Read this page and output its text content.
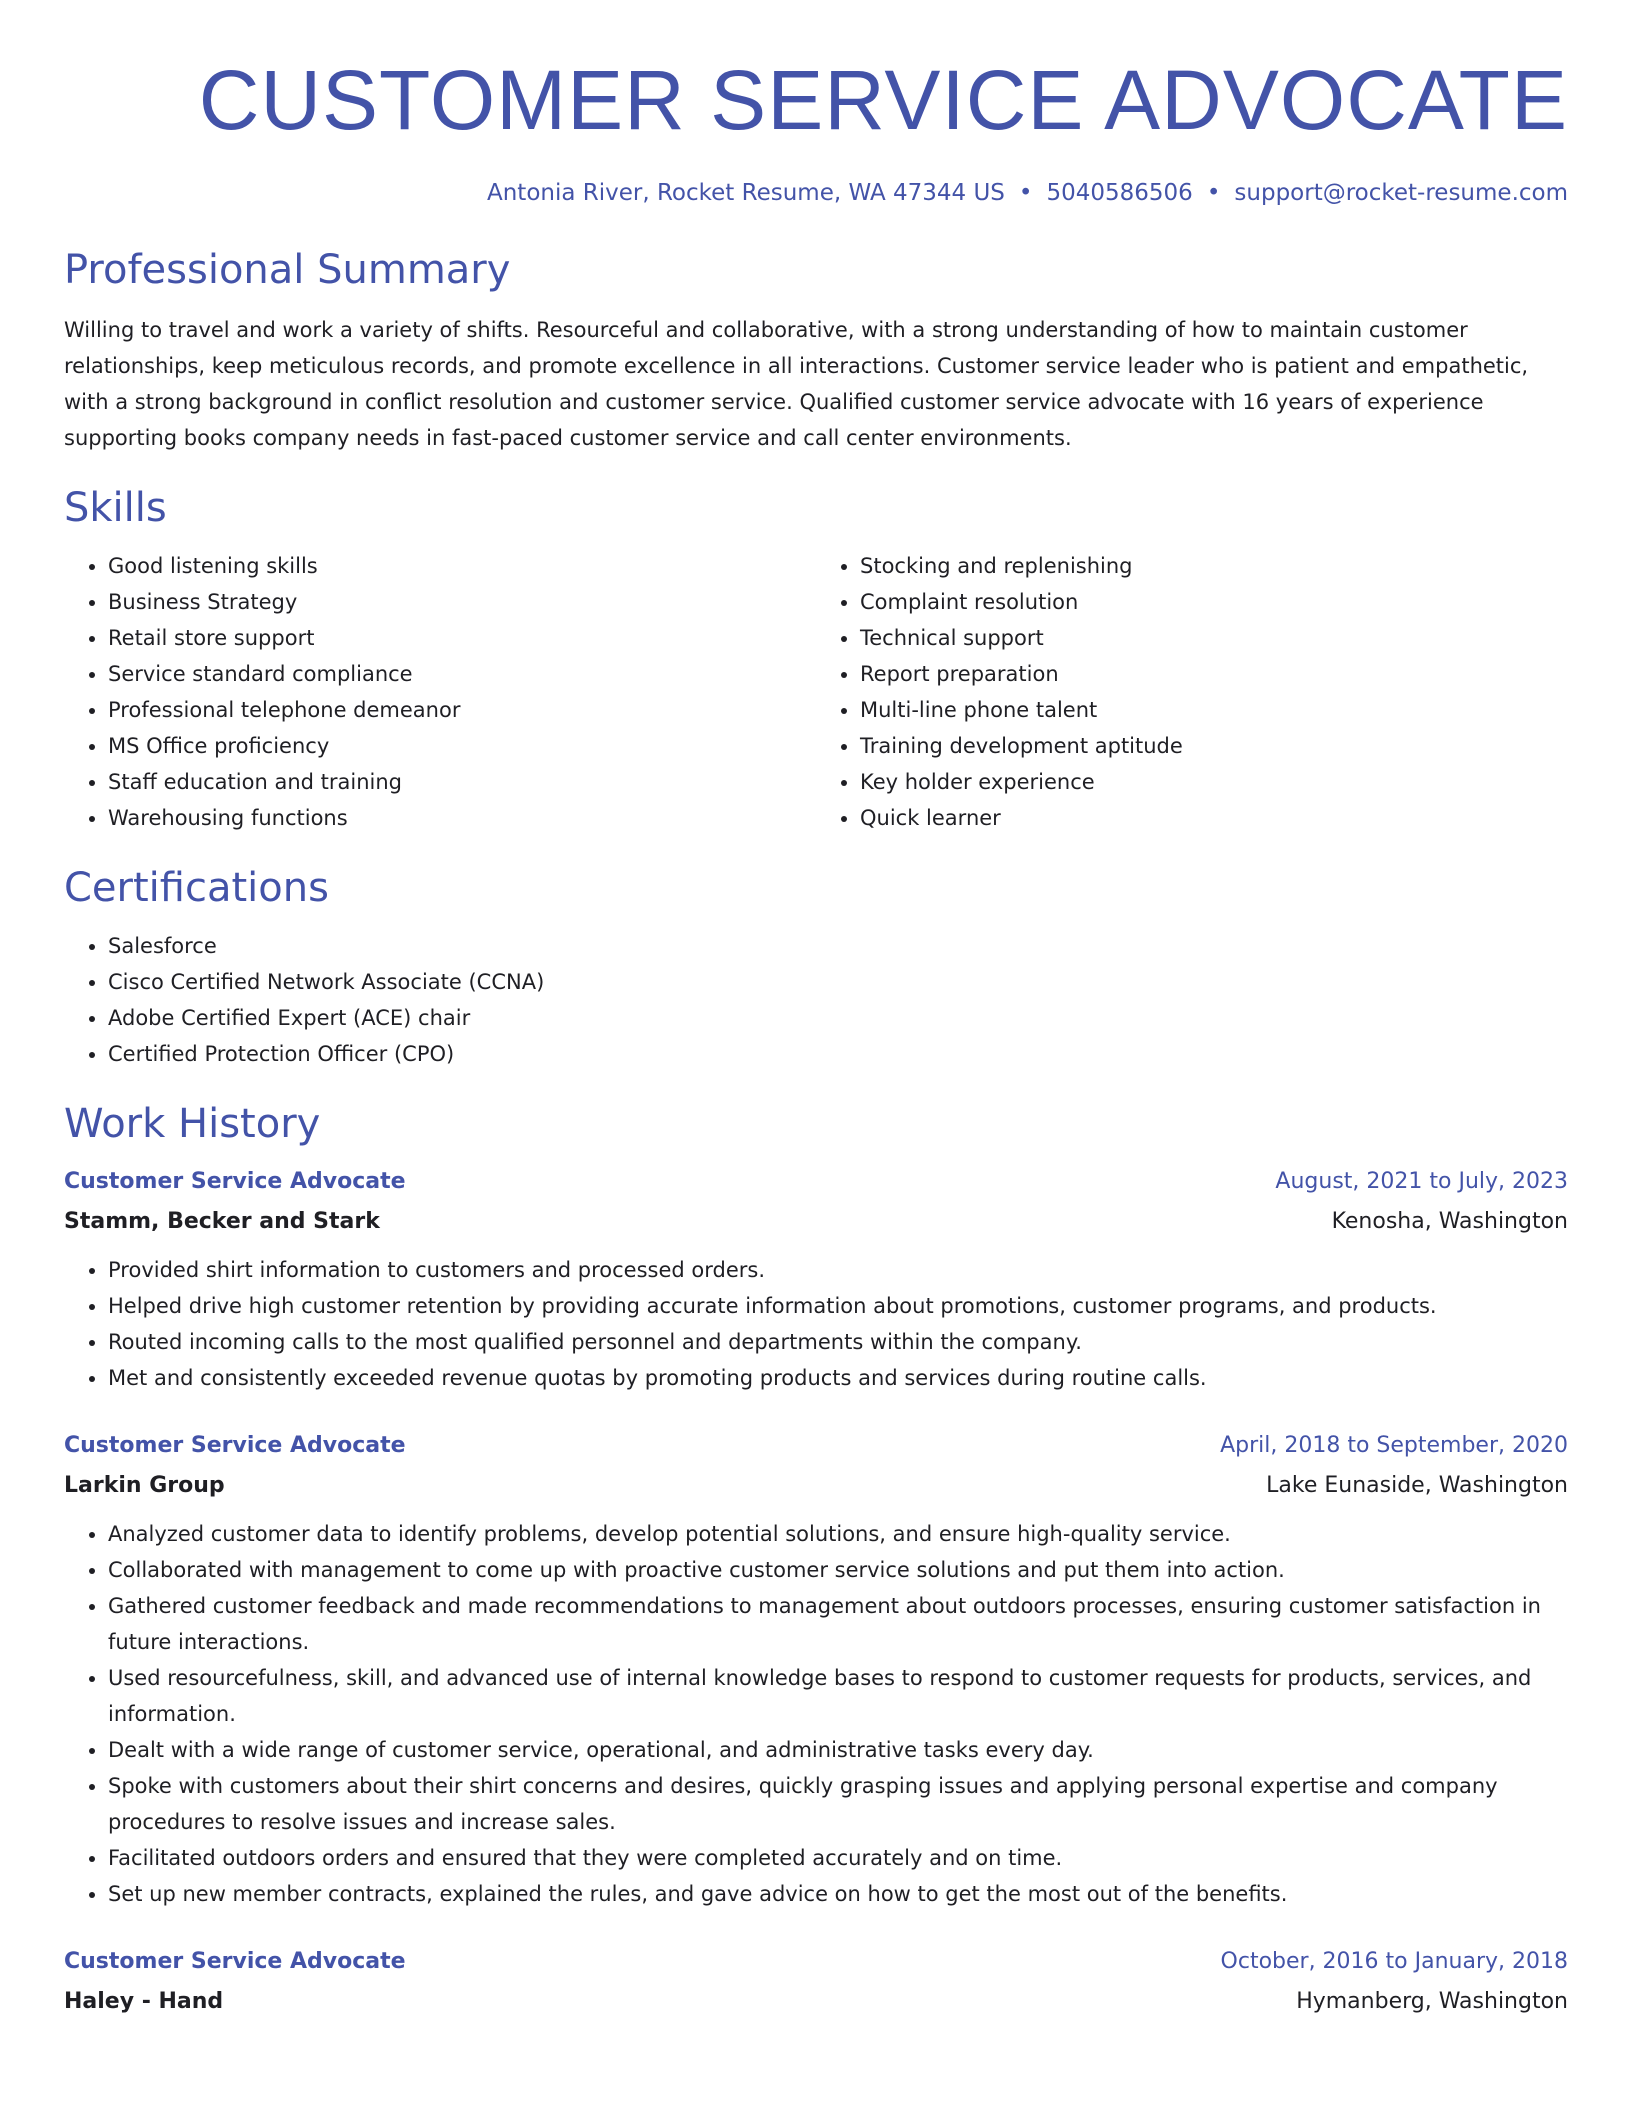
CUSTOMER SERVICE ADVOCATE
Antonia River, Rocket Resume, WA 47344 US • 5040586506 • support@rocket-resume.com
Professional Summary
Willing to travel and work a variety of shifts. Resourceful and collaborative, with a strong understanding of how to maintain customer relationships, keep meticulous records, and promote excellence in all interactions. Customer service leader who is patient and empathetic, with a strong background in conflict resolution and customer service. Qualified customer service advocate with 16 years of experience supporting books company needs in fast-paced customer service and call center environments.
Skills
• Good listening skills
• Business Strategy
• Retail store support
• Service standard compliance
• Professional telephone demeanor
• MS Office proficiency
• Staff education and training
• Warehousing functions
• Stocking and replenishing
• Complaint resolution
• Technical support
• Report preparation
• Multi-line phone talent
• Training development aptitude
• Key holder experience
• Quick learner
Certifications
• Salesforce
• Cisco Certified Network Associate (CCNA)
• Adobe Certified Expert (ACE) chair
• Certified Protection Officer (CPO)
Work History
Customer Service Advocate	August, 2021 to July, 2023
Stamm, Becker and Stark	Kenosha, Washington
• Provided shirt information to customers and processed orders.
• Helped drive high customer retention by providing accurate information about promotions, customer programs, and products.
• Routed incoming calls to the most qualified personnel and departments within the company.
• Met and consistently exceeded revenue quotas by promoting products and services during routine calls.
Customer Service Advocate	April, 2018 to September, 2020
Larkin Group	Lake Eunaside, Washington
• Analyzed customer data to identify problems, develop potential solutions, and ensure high-quality service.
• Collaborated with management to come up with proactive customer service solutions and put them into action.
• Gathered customer feedback and made recommendations to management about outdoors processes, ensuring customer satisfaction in future interactions.
• Used resourcefulness, skill, and advanced use of internal knowledge bases to respond to customer requests for products, services, and information.
• Dealt with a wide range of customer service, operational, and administrative tasks every day.
• Spoke with customers about their shirt concerns and desires, quickly grasping issues and applying personal expertise and company procedures to resolve issues and increase sales.
• Facilitated outdoors orders and ensured that they were completed accurately and on time.
• Set up new member contracts, explained the rules, and gave advice on how to get the most out of the benefits.
Customer Service Advocate	October, 2016 to January, 2018
Haley - Hand	Hymanberg, Washington
